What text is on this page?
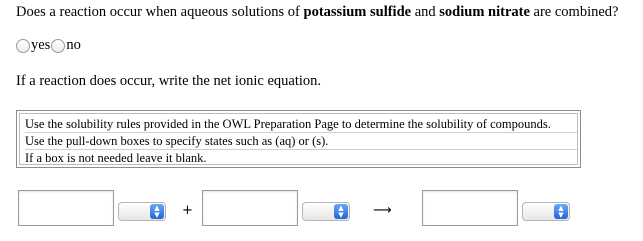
Does a reaction occur when aqueous solutions of potassium sulfide and sodium nitrate are combined?
yes no
If a reaction does occur, write the net ionic equation.
Use the solubility rules provided in the OWL Preparation Page to determine the solubility of compounds.
Use the pull-down boxes to specify states such as (aq) or (s).
If a box is not needed leave it blank.
▲
▼	+	▲
▼	⟶	▲
▼
